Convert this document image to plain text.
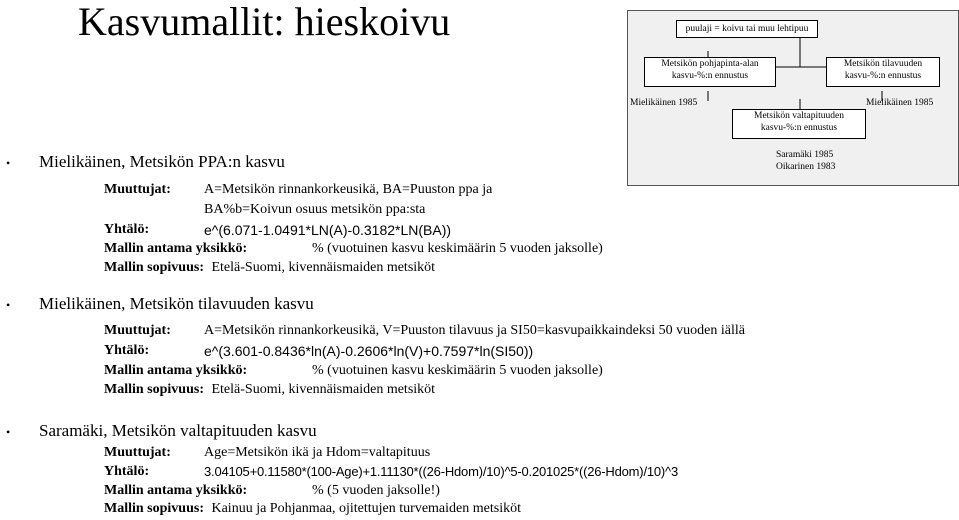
Kasvumallit: hieskoivu	puulaji = koivu tai muu lehtipuu
Metsikön pohjapinta-alan
kasvu-%:n ennustus
Metsikön tilavuuden
kasvu-%:n ennustus
Mielikäinen 1985	Mielikäinen 1985
Metsikön valtapituuden
kasvu-%:n ennustus
Saramäki 1985
Oikarinen 1983
• Mielikäinen, Metsikön PPA:n kasvu
Muuttujat: A=Metsikön rinnankorkeusikä, BA=Puuston ppa ja
BA%b=Koivun osuus metsikön ppa:sta
Yhtälö:	e^(6.071-1.0491*LN(A)-0.3182*LN(BA))
Mallin antama yksikkö:	% (vuotuinen kasvu keskimäärin 5 vuoden jaksolle)
Mallin sopivuus: Etelä-Suomi, kivennäismaiden metsiköt
• Mielikäinen, Metsikön tilavuuden kasvu
Muuttujat: A=Metsikön rinnankorkeusikä, V=Puuston tilavuus ja SI50=kasvupaikkaindeksi 50 vuoden iällä
Yhtälö:	e^(3.601-0.8436*ln(A)-0.2606*ln(V)+0.7597*ln(SI50))
Mallin antama yksikkö:	% (vuotuinen kasvu keskimäärin 5 vuoden jaksolle)
Mallin sopivuus: Etelä-Suomi, kivennäismaiden metsiköt
• Saramäki, Metsikön valtapituuden kasvu
Muuttujat: Age=Metsikön ikä ja Hdom=valtapituus
Yhtälö:	3.04105+0.11580*(100-Age)+1.11130*((26-Hdom)/10)^5-0.201025*((26-Hdom)/10)^3
Mallin antama yksikkö:	% (5 vuoden jaksolle!)
Mallin sopivuus: Kainuu ja Pohjanmaa, ojitettujen turvemaiden metsiköt
